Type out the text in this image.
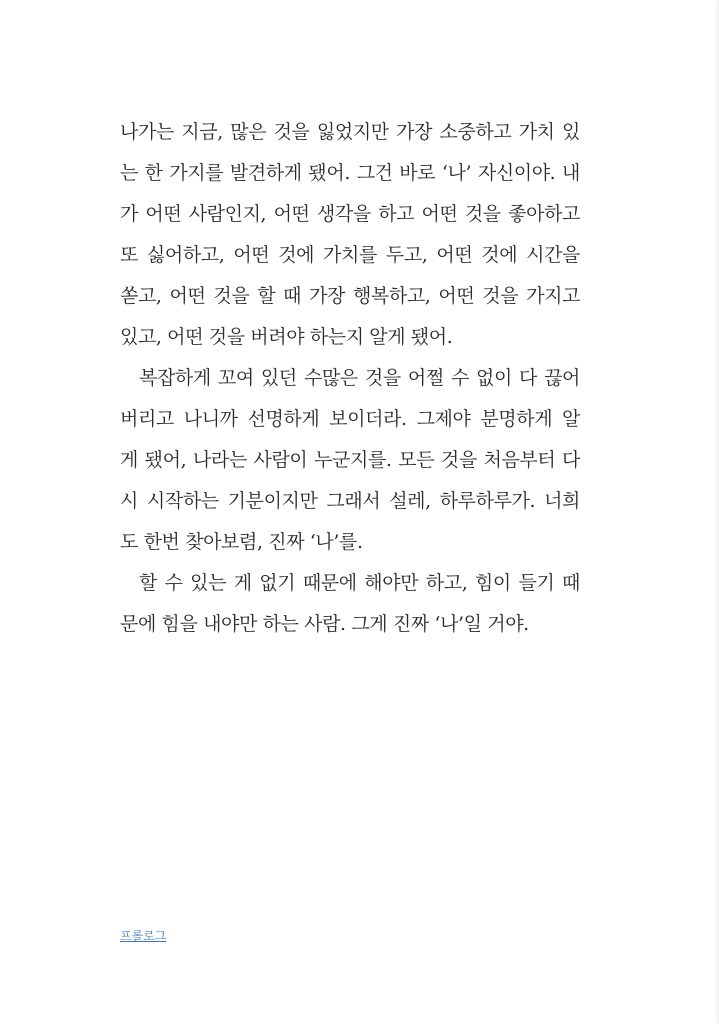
나가는 지금, 많은 것을 잃었지만 가장 소중하고 가치 있
는 한 가지를 발견하게 됐어. 그건 바로 ‘나’ 자신이야. 내
가 어떤 사람인지, 어떤 생각을 하고 어떤 것을 좋아하고
또 싫어하고, 어떤 것에 가치를 두고, 어떤 것에 시간을
쏟고, 어떤 것을 할 때 가장 행복하고, 어떤 것을 가지고
있고, 어떤 것을 버려야 하는지 알게 됐어.
복잡하게 꼬여 있던 수많은 것을 어쩔 수 없이 다 끊어
버리고 나니까 선명하게 보이더라. 그제야 분명하게 알
게 됐어, 나라는 사람이 누군지를. 모든 것을 처음부터 다
시 시작하는 기분이지만 그래서 설레, 하루하루가. 너희
도 한번 찾아보렴, 진짜 ‘나’를.
할 수 있는 게 없기 때문에 해야만 하고, 힘이 들기 때
문에 힘을 내야만 하는 사람. 그게 진짜 ‘나’일 거야.
프롤로그
